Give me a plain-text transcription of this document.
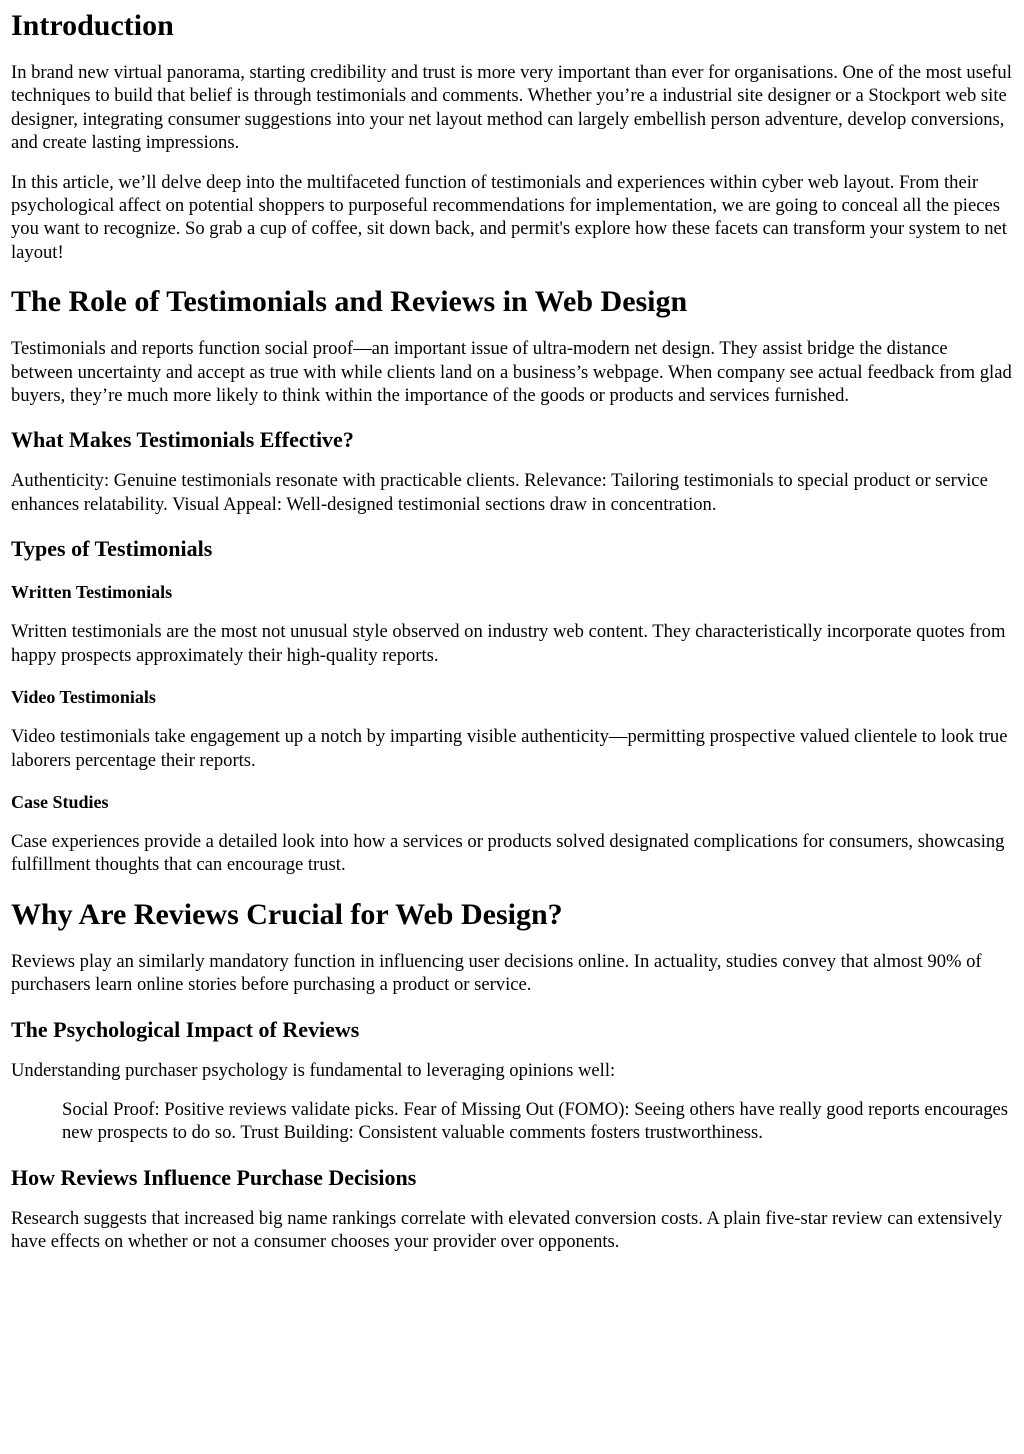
Introduction

In brand new virtual panorama, starting credibility and trust is more very important than ever for organisations. One of the most useful techniques to build that belief is through testimonials and comments. Whether you’re a industrial site designer or a Stockport web site designer, integrating consumer suggestions into your net layout method can largely embellish person adventure, develop conversions, and create lasting impressions.

In this article, we’ll delve deep into the multifaceted function of testimonials and experiences within cyber web layout. From their psychological affect on potential shoppers to purposeful recommendations for implementation, we are going to conceal all the pieces you want to recognize. So grab a cup of coffee, sit down back, and permit's explore how these facets can transform your system to net layout!

The Role of Testimonials and Reviews in Web Design

Testimonials and reports function social proof—an important issue of ultra-modern net design. They assist bridge the distance between uncertainty and accept as true with while clients land on a business’s webpage. When company see actual feedback from glad buyers, they’re much more likely to think within the importance of the goods or products and services furnished.

What Makes Testimonials Effective?

Authenticity: Genuine testimonials resonate with practicable clients. Relevance: Tailoring testimonials to special product or service enhances relatability. Visual Appeal: Well-designed testimonial sections draw in concentration.

Types of Testimonials
Written Testimonials

Written testimonials are the most not unusual style observed on industry web content. They characteristically incorporate quotes from happy prospects approximately their high-quality reports.

Video Testimonials

Video testimonials take engagement up a notch by imparting visible authenticity—permitting prospective valued clientele to look true laborers percentage their reports.

Case Studies

Case experiences provide a detailed look into how a services or products solved designated complications for consumers, showcasing fulfillment thoughts that can encourage trust.

Why Are Reviews Crucial for Web Design?

Reviews play an similarly mandatory function in influencing user decisions online. In actuality, studies convey that almost 90% of purchasers learn online stories before purchasing a product or service.

The Psychological Impact of Reviews

Understanding purchaser psychology is fundamental to leveraging opinions well:

Social Proof: Positive reviews validate picks. Fear of Missing Out (FOMO): Seeing others have really good reports encourages new prospects to do so. Trust Building: Consistent valuable comments fosters trustworthiness.
How Reviews Influence Purchase Decisions

Research suggests that increased big name rankings correlate with elevated conversion costs. A plain five-star review can extensively have effects on whether or not a consumer chooses your provider over opponents.
